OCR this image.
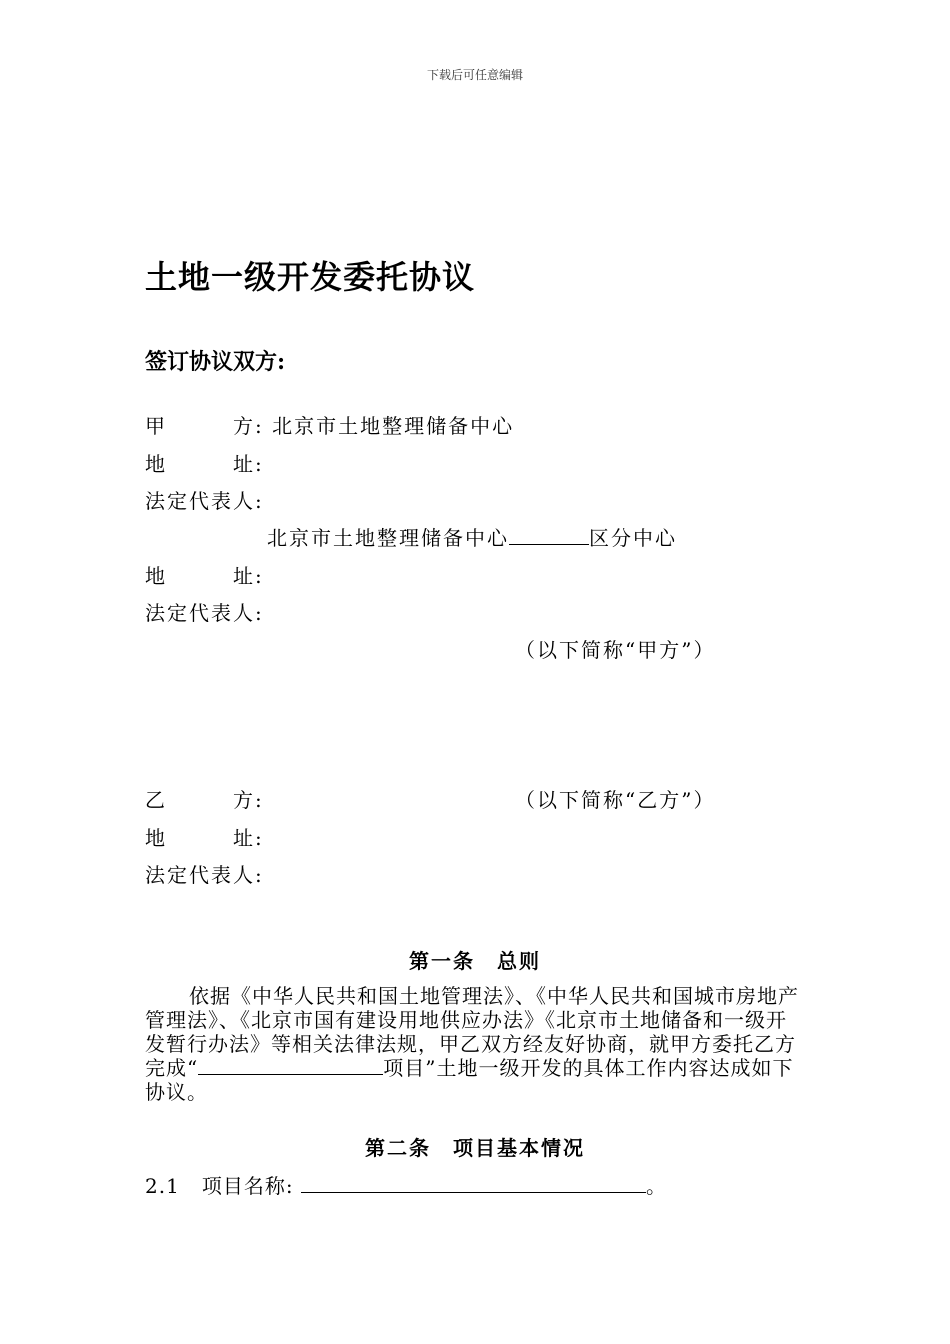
下载后可任意编辑
土地一级开发委托协议
签订协议双方:
甲	方: 北京市土地整理储备中心
地	址:
法定代表人:
北京市土地整理储备中心	区分中心
地	址:
法定代表人:
（以下简称“甲方”）
乙	方:	（以下简称“乙方”）
地	址:
法定代表人:
第一条　总则
依据《中华人民共和国土地管理法》、《中华人民共和国城市房地产管理法》、《北京市国有建设用地供应办法》《北京市土地储备和一级开发暂行办法》等相关法律法规，甲乙双方经友好协商，就甲方委托乙方完成“	项目”土地一级开发的具体工作内容达成如下协议。
第二条　项目基本情况
2.1 项目名称:	。
